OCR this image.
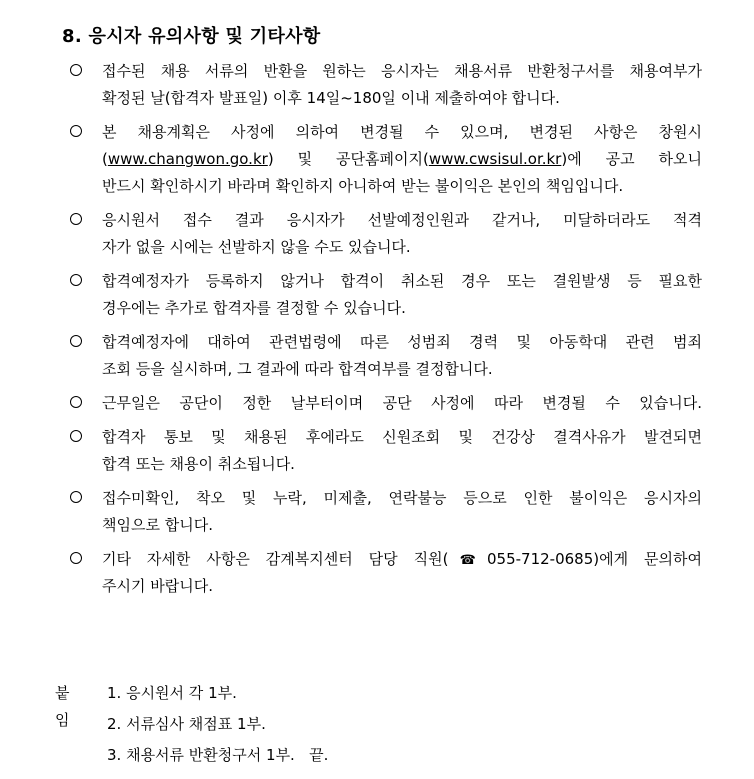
8. 응시자 유의사항 및 기타사항
접수된 채용 서류의 반환을 원하는 응시자는 채용서류 반환청구서를 채용여부가
확정된 날(합격자 발표일) 이후 14일~180일 이내 제출하여야 합니다.
본 채용계획은 사정에 의하여 변경될 수 있으며, 변경된 사항은 창원시
(www.changwon.go.kr) 및 공단홈페이지(www.cwsisul.or.kr)에 공고 하오니
반드시 확인하시기 바라며 확인하지 아니하여 받는 불이익은 본인의 책임입니다.
응시원서 접수 결과 응시자가 선발예정인원과 같거나, 미달하더라도 적격
자가 없을 시에는 선발하지 않을 수도 있습니다.
합격예정자가 등록하지 않거나 합격이 취소된 경우 또는 결원발생 등 필요한
경우에는 추가로 합격자를 결정할 수 있습니다.
합격예정자에 대하여 관련법령에 따른 성범죄 경력 및 아동학대 관련 범죄
조회 등을 실시하며, 그 결과에 따라 합격여부를 결정합니다.
근무일은 공단이 정한 날부터이며 공단 사정에 따라 변경될 수 있습니다.
합격자 통보 및 채용된 후에라도 신원조회 및 건강상 결격사유가 발견되면
합격 또는 채용이 취소됩니다.
접수미확인, 착오 및 누락, 미제출, 연락불능 등으로 인한 불이익은 응시자의
책임으로 합니다.
기타 자세한 사항은 감계복지센터 담당 직원(☎055-712-0685)에게 문의하여
주시기 바랍니다.
붙임
1. 응시원서 각 1부.
2. 서류심사 채점표 1부.
3. 채용서류 반환청구서 1부.   끝.
